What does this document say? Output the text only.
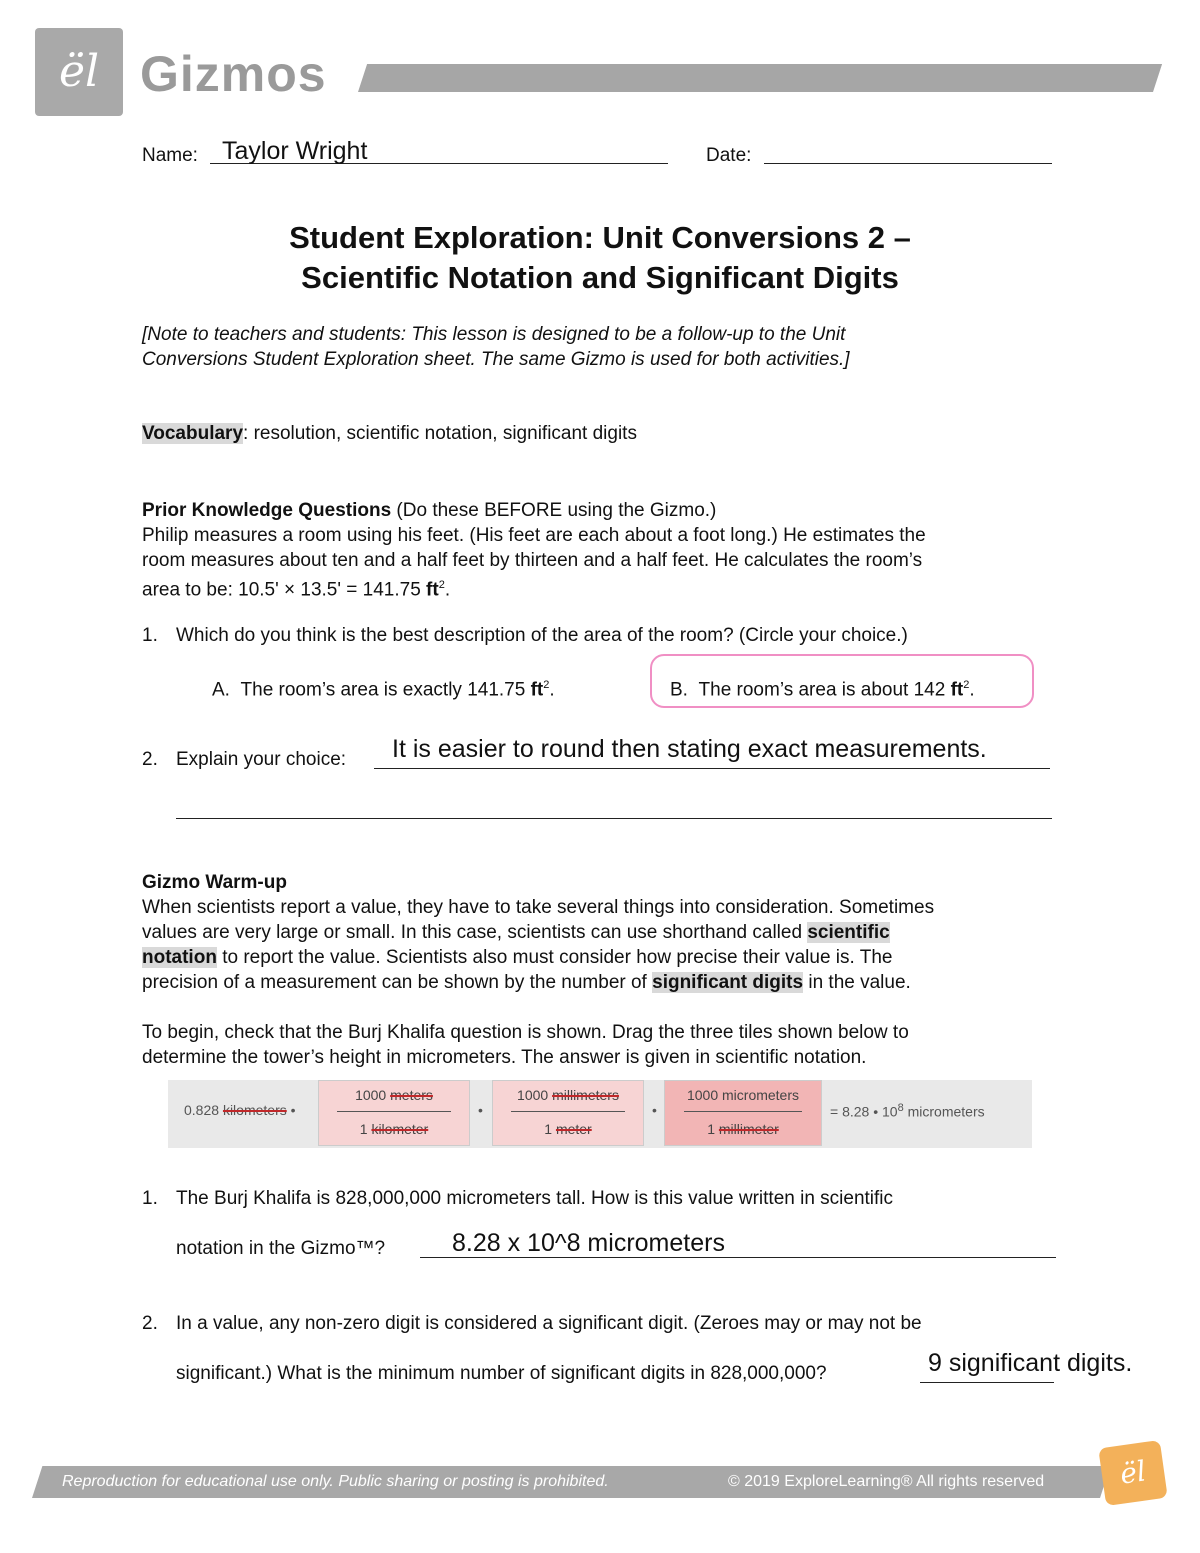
ël Gizmos
Name: Taylor Wright	Date:
Student Exploration: Unit Conversions 2 –
Scientific Notation and Significant Digits
[Note to teachers and students: This lesson is designed to be a follow-up to the Unit
Conversions Student Exploration sheet. The same Gizmo is used for both activities.]
Vocabulary: resolution, scientific notation, significant digits
Prior Knowledge Questions (Do these BEFORE using the Gizmo.)
Philip measures a room using his feet. (His feet are each about a foot long.) He estimates the
room measures about ten and a half feet by thirteen and a half feet. He calculates the room’s
area to be: 10.5' × 13.5' = 141.75 $ft^2$.
1. Which do you think is the best description of the area of the room? (Circle your choice.)
A. The room’s area is exactly 141.75 $ft^2$.	B. The room’s area is about 142 $ft^2$.
2. Explain your choice: It is easier to round then stating exact measurements.
Gizmo Warm-up
When scientists report a value, they have to take several things into consideration. Sometimes
values are very large or small. In this case, scientists can use shorthand called scientific
notation to report the value. Scientists also must consider how precise their value is. The
precision of a measurement can be shown by the number of significant digits in the value.
To begin, check that the Burj Khalifa question is shown. Drag the three tiles shown below to
determine the tower’s height in micrometers. The answer is given in scientific notation.
0.828 kilometers •
1000 meters
1 kilometer
•
1000 millimeters
1 meter
•
1000 micrometers
1 millimeter
= 8.28 • $10^8$ micrometers
1. The Burj Khalifa is 828,000,000 micrometers tall. How is this value written in scientific
notation in the Gizmo™?	8.28 x 10^8 micrometers
2. In a value, any non-zero digit is considered a significant digit. (Zeroes may or may not be
significant.) What is the minimum number of significant digits in 828,000,000?	9 significant digits.
Reproduction for educational use only. Public sharing or posting is prohibited.	© 2019 ExploreLearning® All rights reserved	ël
